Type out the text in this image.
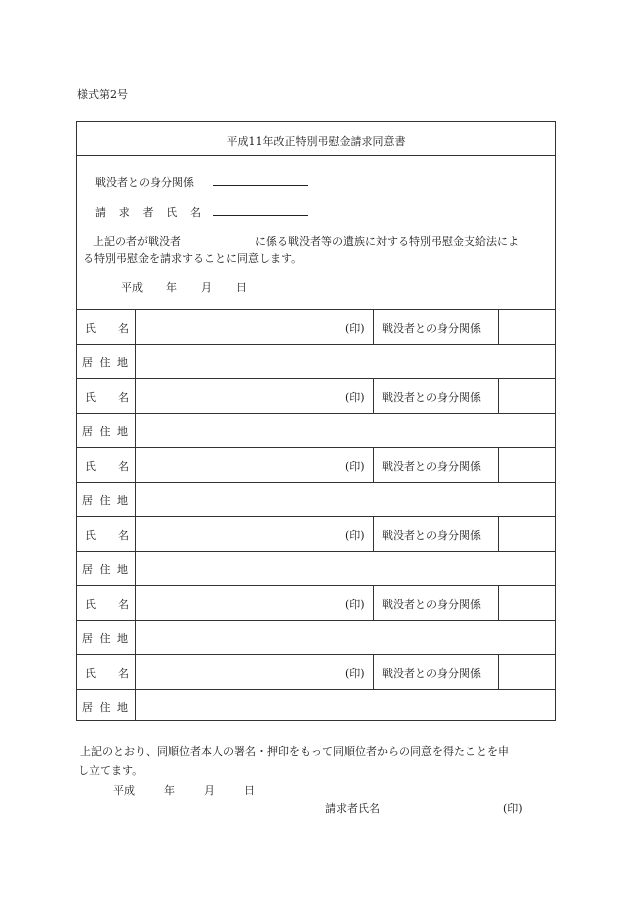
様式第2号
平成11年改正特別弔慰金請求同意書
戦没者との身分関係
請 求 者 氏 名
上記の者が戦没者	に係る戦没者等の遺族に対する特別弔慰金支給法によ
る特別弔慰金を請求することに同意します。
平成 年 月 日
氏 名	(印) 戦没者との身分関係
居 住 地
氏 名	(印) 戦没者との身分関係
居 住 地
氏 名	(印) 戦没者との身分関係
居 住 地
氏 名	(印) 戦没者との身分関係
居 住 地
氏 名	(印) 戦没者との身分関係
居 住 地
氏 名	(印) 戦没者との身分関係
居 住 地
上記のとおり、同順位者本人の署名・押印をもって同順位者からの同意を得たことを申
し立てます。
平成	年	月	日
請求者氏名	(印)
